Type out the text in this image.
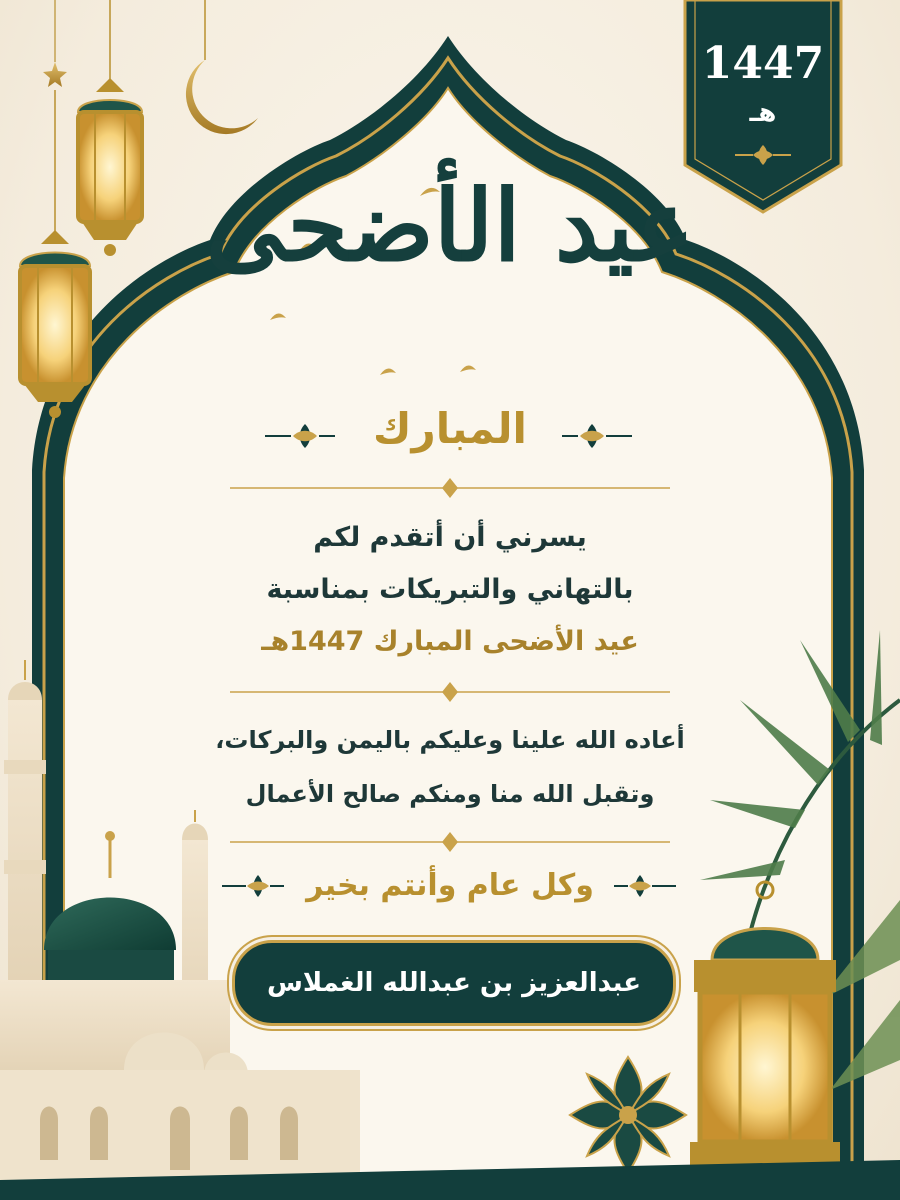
1447
هـ
عيد الأضحى
المبارك
يسرني أن أتقدم لكم
بالتهاني والتبريكات بمناسبة
عيد الأضحى المبارك 1447هـ
أعاده الله علينا وعليكم باليمن والبركات،
وتقبل الله منا ومنكم صالح الأعمال
وكل عام وأنتم بخير
عبدالعزيز بن عبدالله الغملاس
